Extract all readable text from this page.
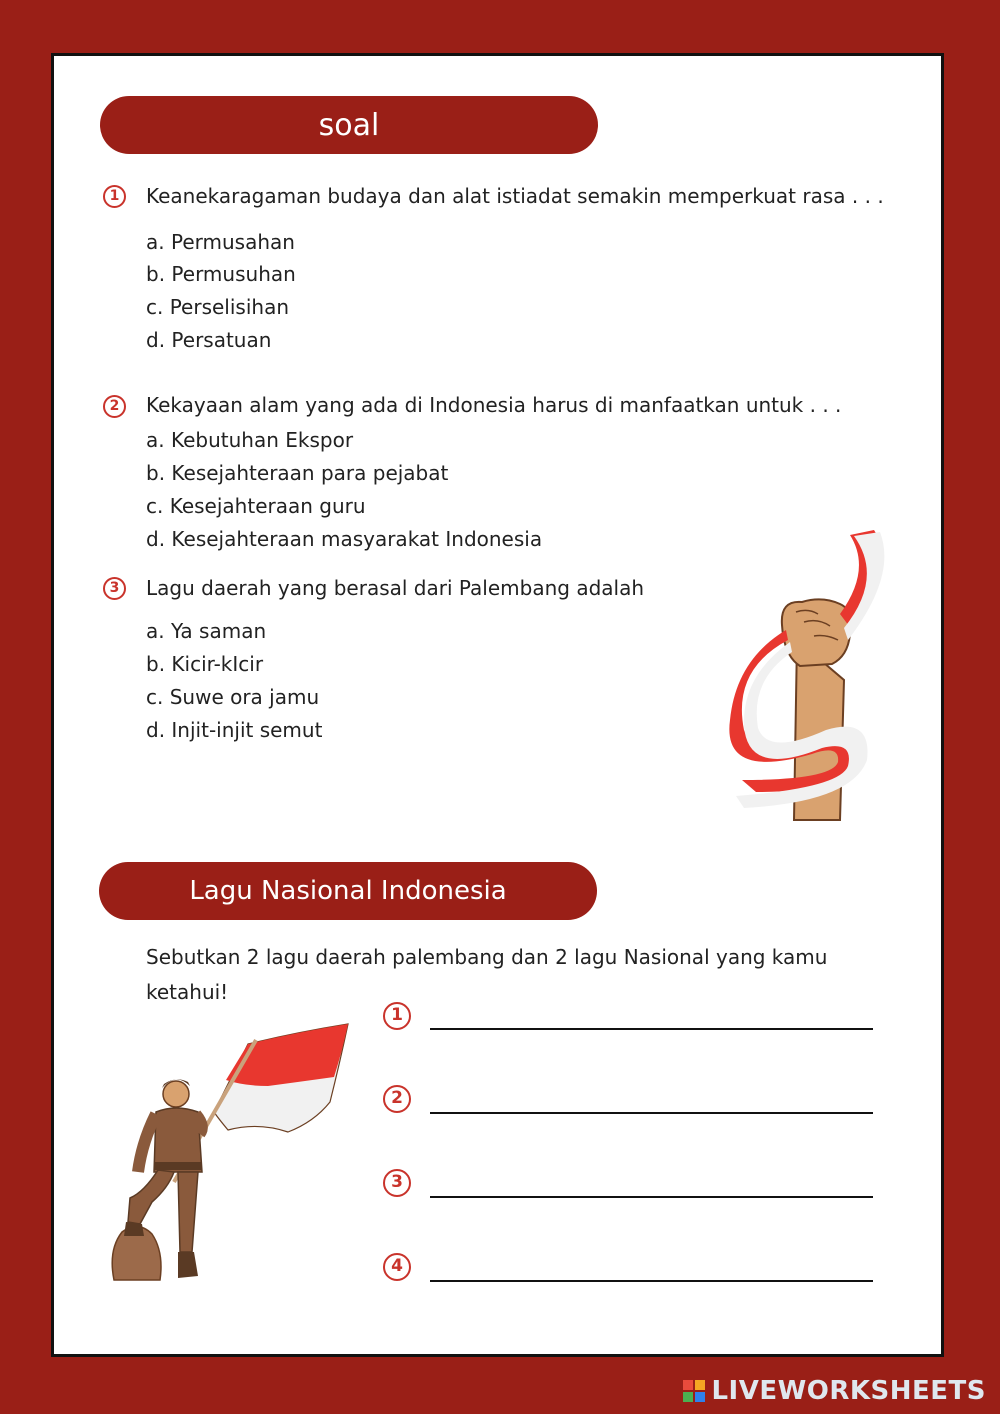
soal
1	Keanekaragaman budaya dan alat istiadat semakin memperkuat rasa . . .
a. Permusahan
b. Permusuhan
c. Perselisihan
d. Persatuan
2	Kekayaan alam yang ada di Indonesia harus di manfaatkan untuk . . .
a. Kebutuhan Ekspor
b. Kesejahteraan para pejabat
c. Kesejahteraan guru
d. Kesejahteraan masyarakat Indonesia
3	Lagu daerah yang berasal dari Palembang adalah
a. Ya saman
b. Kicir-kIcir
c. Suwe ora jamu
d. Injit-injit semut
Lagu Nasional Indonesia
Sebutkan 2 lagu daerah palembang dan 2 lagu Nasional yang kamu
ketahui!
1
2
3
4
LIVEWORKSHEETS
